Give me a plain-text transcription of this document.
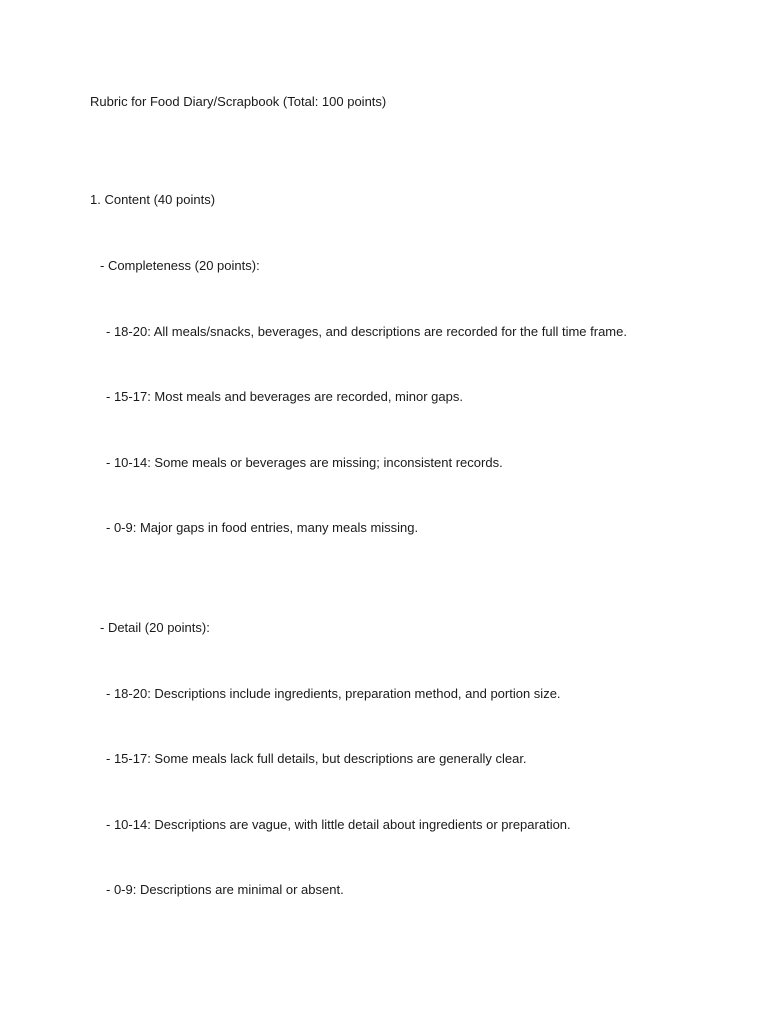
Rubric for Food Diary/Scrapbook (Total: 100 points)

1. Content (40 points)

- Completeness (20 points):

- 18-20: All meals/snacks, beverages, and descriptions are recorded for the full time frame.

- 15-17: Most meals and beverages are recorded, minor gaps.

- 10-14: Some meals or beverages are missing; inconsistent records.

- 0-9: Major gaps in food entries, many meals missing.

- Detail (20 points):

- 18-20: Descriptions include ingredients, preparation method, and portion size.

- 15-17: Some meals lack full details, but descriptions are generally clear.

- 10-14: Descriptions are vague, with little detail about ingredients or preparation.

- 0-9: Descriptions are minimal or absent.
